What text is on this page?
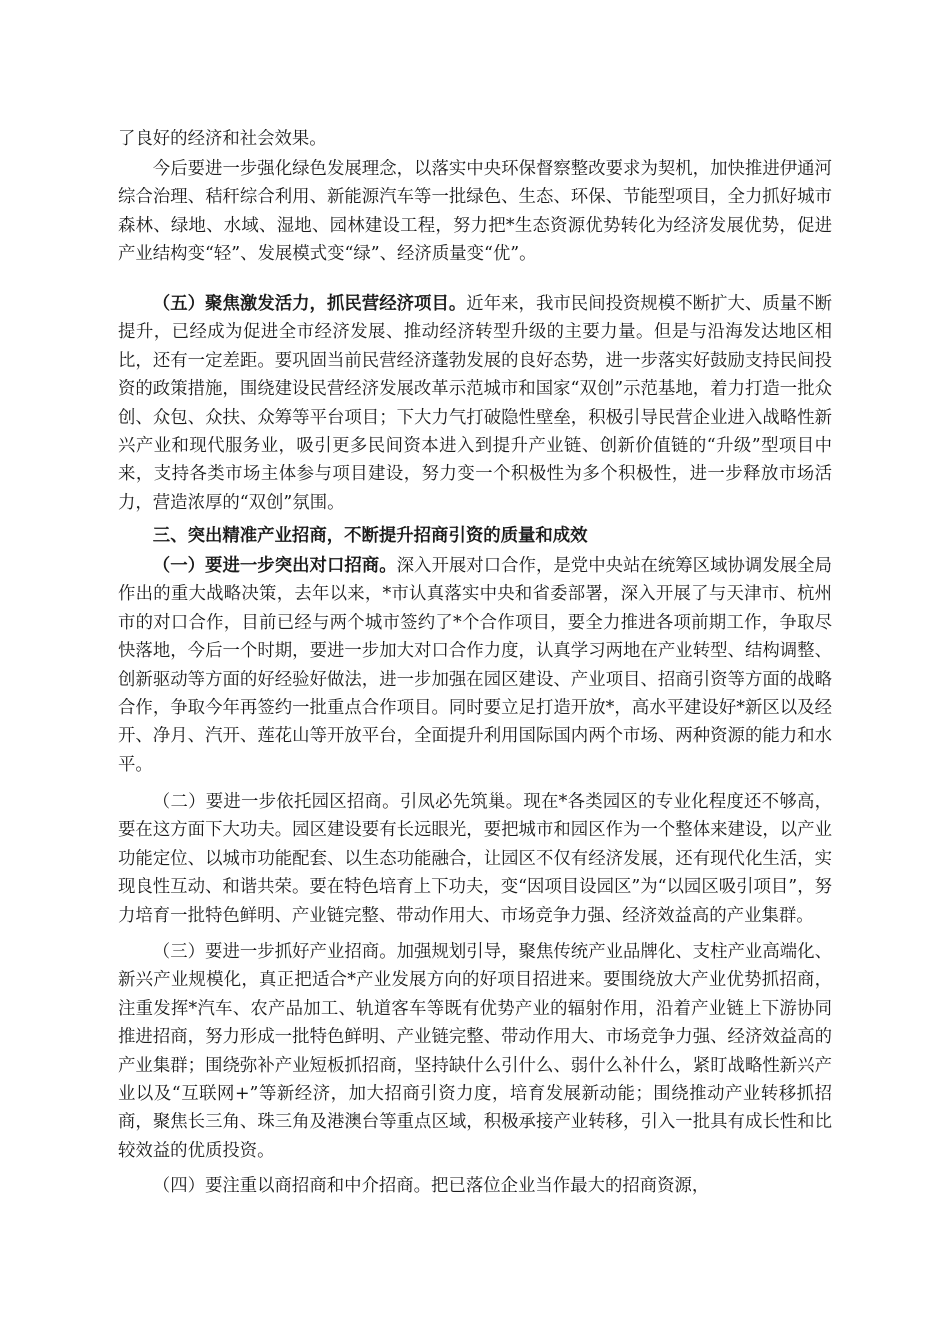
了良好的经济和社会效果。

今后要进一步强化绿色发展理念，以落实中央环保督察整改要求为契机，加快推进伊通河综合治理、秸秆综合利用、新能源汽车等一批绿色、生态、环保、节能型项目，全力抓好城市森林、绿地、水域、湿地、园林建设工程，努力把*生态资源优势转化为经济发展优势，促进产业结构变“轻”、发展模式变“绿”、经济质量变“优”。

（五）聚焦激发活力，抓民营经济项目。近年来，我市民间投资规模不断扩大、质量不断提升，已经成为促进全市经济发展、推动经济转型升级的主要力量。但是与沿海发达地区相比，还有一定差距。要巩固当前民营经济蓬勃发展的良好态势，进一步落实好鼓励支持民间投资的政策措施，围绕建设民营经济发展改革示范城市和国家“双创”示范基地，着力打造一批众创、众包、众扶、众筹等平台项目；下大力气打破隐性壁垒，积极引导民营企业进入战略性新兴产业和现代服务业，吸引更多民间资本进入到提升产业链、创新价值链的“升级”型项目中来，支持各类市场主体参与项目建设，努力变一个积极性为多个积极性，进一步释放市场活力，营造浓厚的“双创”氛围。

三、突出精准产业招商，不断提升招商引资的质量和成效

（一）要进一步突出对口招商。深入开展对口合作，是党中央站在统筹区域协调发展全局作出的重大战略决策，去年以来，*市认真落实中央和省委部署，深入开展了与天津市、杭州市的对口合作，目前已经与两个城市签约了*个合作项目，要全力推进各项前期工作，争取尽快落地，今后一个时期，要进一步加大对口合作力度，认真学习两地在产业转型、结构调整、创新驱动等方面的好经验好做法，进一步加强在园区建设、产业项目、招商引资等方面的战略合作，争取今年再签约一批重点合作项目。同时要立足打造开放*，高水平建设好*新区以及经开、净月、汽开、莲花山等开放平台，全面提升利用国际国内两个市场、两种资源的能力和水平。

（二）要进一步依托园区招商。引凤必先筑巢。现在*各类园区的专业化程度还不够高，要在这方面下大功夫。园区建设要有长远眼光，要把城市和园区作为一个整体来建设，以产业功能定位、以城市功能配套、以生态功能融合，让园区不仅有经济发展，还有现代化生活，实现良性互动、和谐共荣。要在特色培育上下功夫，变“因项目设园区”为“以园区吸引项目”，努力培育一批特色鲜明、产业链完整、带动作用大、市场竞争力强、经济效益高的产业集群。

（三）要进一步抓好产业招商。加强规划引导，聚焦传统产业品牌化、支柱产业高端化、新兴产业规模化，真正把适合*产业发展方向的好项目招进来。要围绕放大产业优势抓招商，注重发挥*汽车、农产品加工、轨道客车等既有优势产业的辐射作用，沿着产业链上下游协同推进招商，努力形成一批特色鲜明、产业链完整、带动作用大、市场竞争力强、经济效益高的产业集群；围绕弥补产业短板抓招商，坚持缺什么引什么、弱什么补什么，紧盯战略性新兴产业以及“互联网+”等新经济，加大招商引资力度，培育发展新动能；围绕推动产业转移抓招商，聚焦长三角、珠三角及港澳台等重点区域，积极承接产业转移，引入一批具有成长性和比较效益的优质投资。

（四）要注重以商招商和中介招商。把已落位企业当作最大的招商资源，
